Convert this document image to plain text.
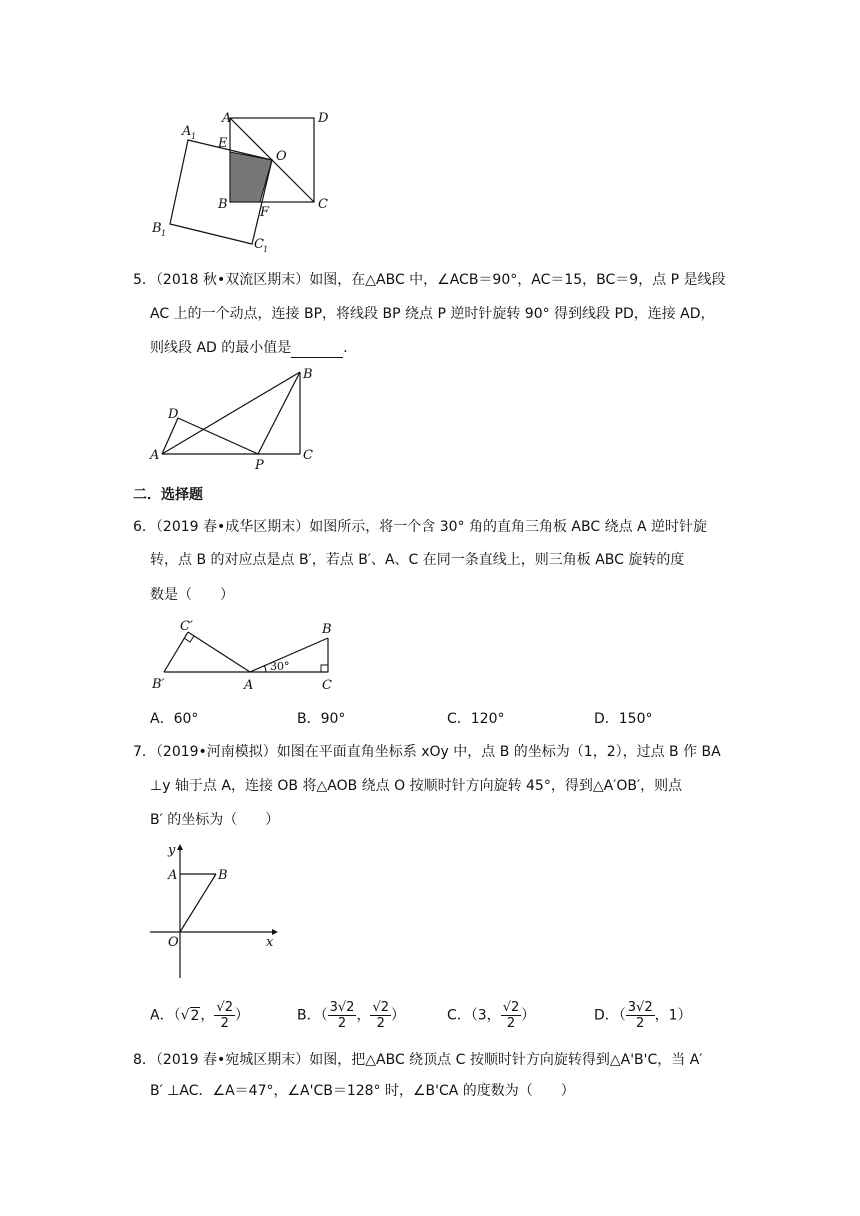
A	D
A 1 E
O
B
F
C
B 1
C 1
5．（2018 秋•双流区期末）如图，在△ABC 中，∠ACB＝90°，AC＝15，BC＝9，点 P 是线段
AC 上的一个动点，连接 BP，将线段 BP 绕点 P 逆时针旋转 90° 得到线段 PD，连接 AD，
则线段 AD 的最小值是	．
B
D
A
P
C
二．选择题
6．（2019 春•成华区期末）如图所示，将一个含 30° 角的直角三角板 ABC 绕点 A 逆时针旋
转，点 B 的对应点是点 B′，若点 B′、A、C 在同一条直线上，则三角板 ABC 旋转的度
数是（　　）
C′	B
30°
B′	A	C
A．60°	B．90°	C．120°	D．150°
7．（2019•河南模拟）如图在平面直角坐标系 xOy 中，点 B 的坐标为（1，2），过点 B 作 BA
⊥y 轴于点 A，连接 OB 将△AOB 绕点 O 按顺时针方向旋转 45°，得到△A′OB′，则点
B′ 的坐标为（　　）
y
A	B
O	x
A．（√2， $\frac{√2}{2}$ ）	B．（ $\frac{3√2}{2}$ ， $\frac{√2}{2}$ ）	C．（3， $\frac{√2}{2}$ ）	D．（ $\frac{3√2}{2}$ ，1）
8．（2019 春•宛城区期末）如图，把△ABC 绕顶点 C 按顺时针方向旋转得到△A'B'C，当 A′
B′ ⊥AC．∠A＝47°，∠A'CB＝128° 时，∠B'CA 的度数为（　　）
